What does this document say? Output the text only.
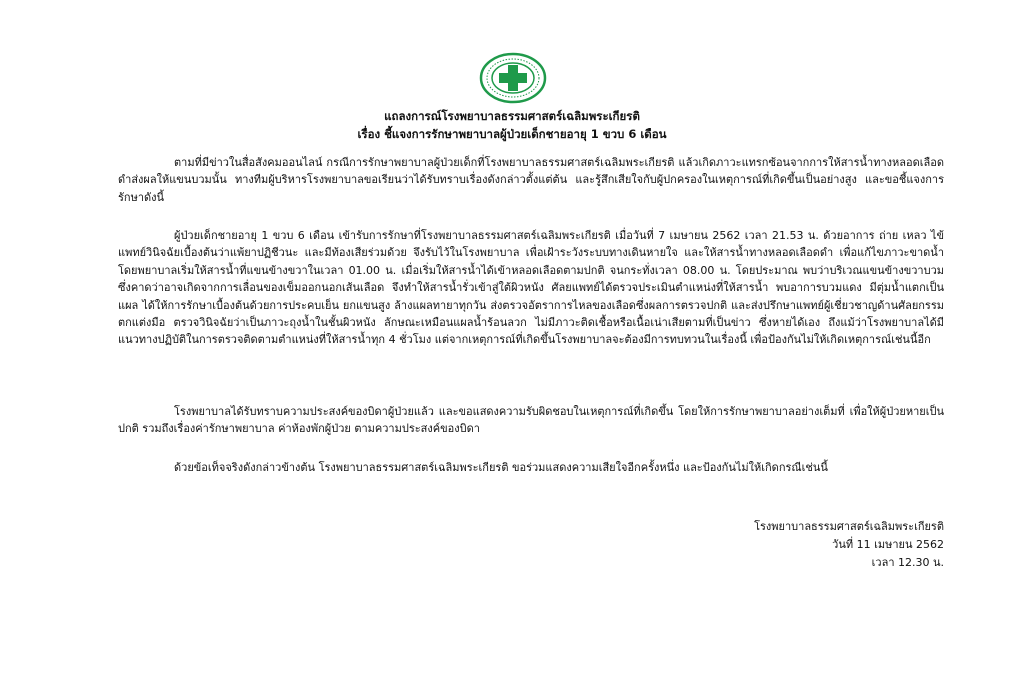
แถลงการณ์โรงพยาบาลธรรมศาสตร์เฉลิมพระเกียรติ
เรื่อง ชี้แจงการรักษาพยาบาลผู้ป่วยเด็กชายอายุ 1 ขวบ 6 เดือน

ตามที่มีข่าวในสื่อสังคมออนไลน์ กรณีการรักษาพยาบาลผู้ป่วยเด็กที่โรงพยาบาลธรรมศาสตร์เฉลิมพระเกียรติ แล้วเกิดภาวะแทรกซ้อนจากการให้สารน้ำทางหลอดเลือดดำส่งผลให้แขนบวมนั้น ทางทีมผู้บริหารโรงพยาบาลขอเรียนว่าได้รับทราบเรื่องดังกล่าวตั้งแต่ต้น และรู้สึกเสียใจกับผู้ปกครองในเหตุการณ์ที่เกิดขึ้นเป็นอย่างสูง และขอชี้แจงการรักษาดังนี้

ผู้ป่วยเด็กชายอายุ 1 ขวบ 6 เดือน เข้ารับการรักษาที่โรงพยาบาลธรรมศาสตร์เฉลิมพระเกียรติ เมื่อวันที่ 7 เมษายน 2562 เวลา 21.53 น. ด้วยอาการ ถ่าย เหลว ไข้ แพทย์วินิจฉัยเบื้องต้นว่าแพ้ยาปฏิชีวนะ และมีท้องเสียร่วมด้วย จึงรับไว้ในโรงพยาบาล เพื่อเฝ้าระวังระบบทางเดินหายใจ และให้สารน้ำทางหลอดเลือดดำ เพื่อแก้ไขภาวะขาดน้ำ โดยพยาบาลเริ่มให้สารน้ำที่แขนข้างขวาในเวลา 01.00 น. เมื่อเริ่มให้สารน้ำได้เข้าหลอดเลือดตามปกติ จนกระทั่งเวลา 08.00 น. โดยประมาณ พบว่าบริเวณแขนข้างขวาบวม ซึ่งคาดว่าอาจเกิดจากการเลื่อนของเข็มออกนอกเส้นเลือด จึงทำให้สารน้ำรั่วเข้าสู่ใต้ผิวหนัง ศัลยแพทย์ได้ตรวจประเมินตำแหน่งที่ให้สารน้ำ พบอาการบวมแดง มีตุ่มน้ำแตกเป็นแผล ได้ให้การรักษาเบื้องต้นด้วยการประคบเย็น ยกแขนสูง ล้างแผลทายาทุกวัน ส่งตรวจอัตราการไหลของเลือดซึ่งผลการตรวจปกติ และส่งปรึกษาแพทย์ผู้เชี่ยวชาญด้านศัลยกรรมตกแต่งมือ ตรวจวินิจฉัยว่าเป็นภาวะถุงน้ำในชั้นผิวหนัง ลักษณะเหมือนแผลน้ำร้อนลวก ไม่มีภาวะติดเชื้อหรือเนื้อเน่าเสียตามที่เป็นข่าว ซึ่งหายได้เอง ถึงแม้ว่าโรงพยาบาลได้มีแนวทางปฏิบัติในการตรวจติดตามตำแหน่งที่ให้สารน้ำทุก 4 ชั่วโมง แต่จากเหตุการณ์ที่เกิดขึ้นโรงพยาบาลจะต้องมีการทบทวนในเรื่องนี้ เพื่อป้องกันไม่ให้เกิดเหตุการณ์เช่นนี้อีก

โรงพยาบาลได้รับทราบความประสงค์ของบิดาผู้ป่วยแล้ว และขอแสดงความรับผิดชอบในเหตุการณ์ที่เกิดขึ้น โดยให้การรักษาพยาบาลอย่างเต็มที่ เพื่อให้ผู้ป่วยหายเป็นปกติ รวมถึงเรื่องค่ารักษาพยาบาล ค่าห้องพักผู้ป่วย ตามความประสงค์ของบิดา

ด้วยข้อเท็จจริงดังกล่าวข้างต้น โรงพยาบาลธรรมศาสตร์เฉลิมพระเกียรติ ขอร่วมแสดงความเสียใจอีกครั้งหนึ่ง และป้องกันไม่ให้เกิดกรณีเช่นนี้

โรงพยาบาลธรรมศาสตร์เฉลิมพระเกียรติ
วันที่ 11 เมษายน 2562
เวลา 12.30 น.
